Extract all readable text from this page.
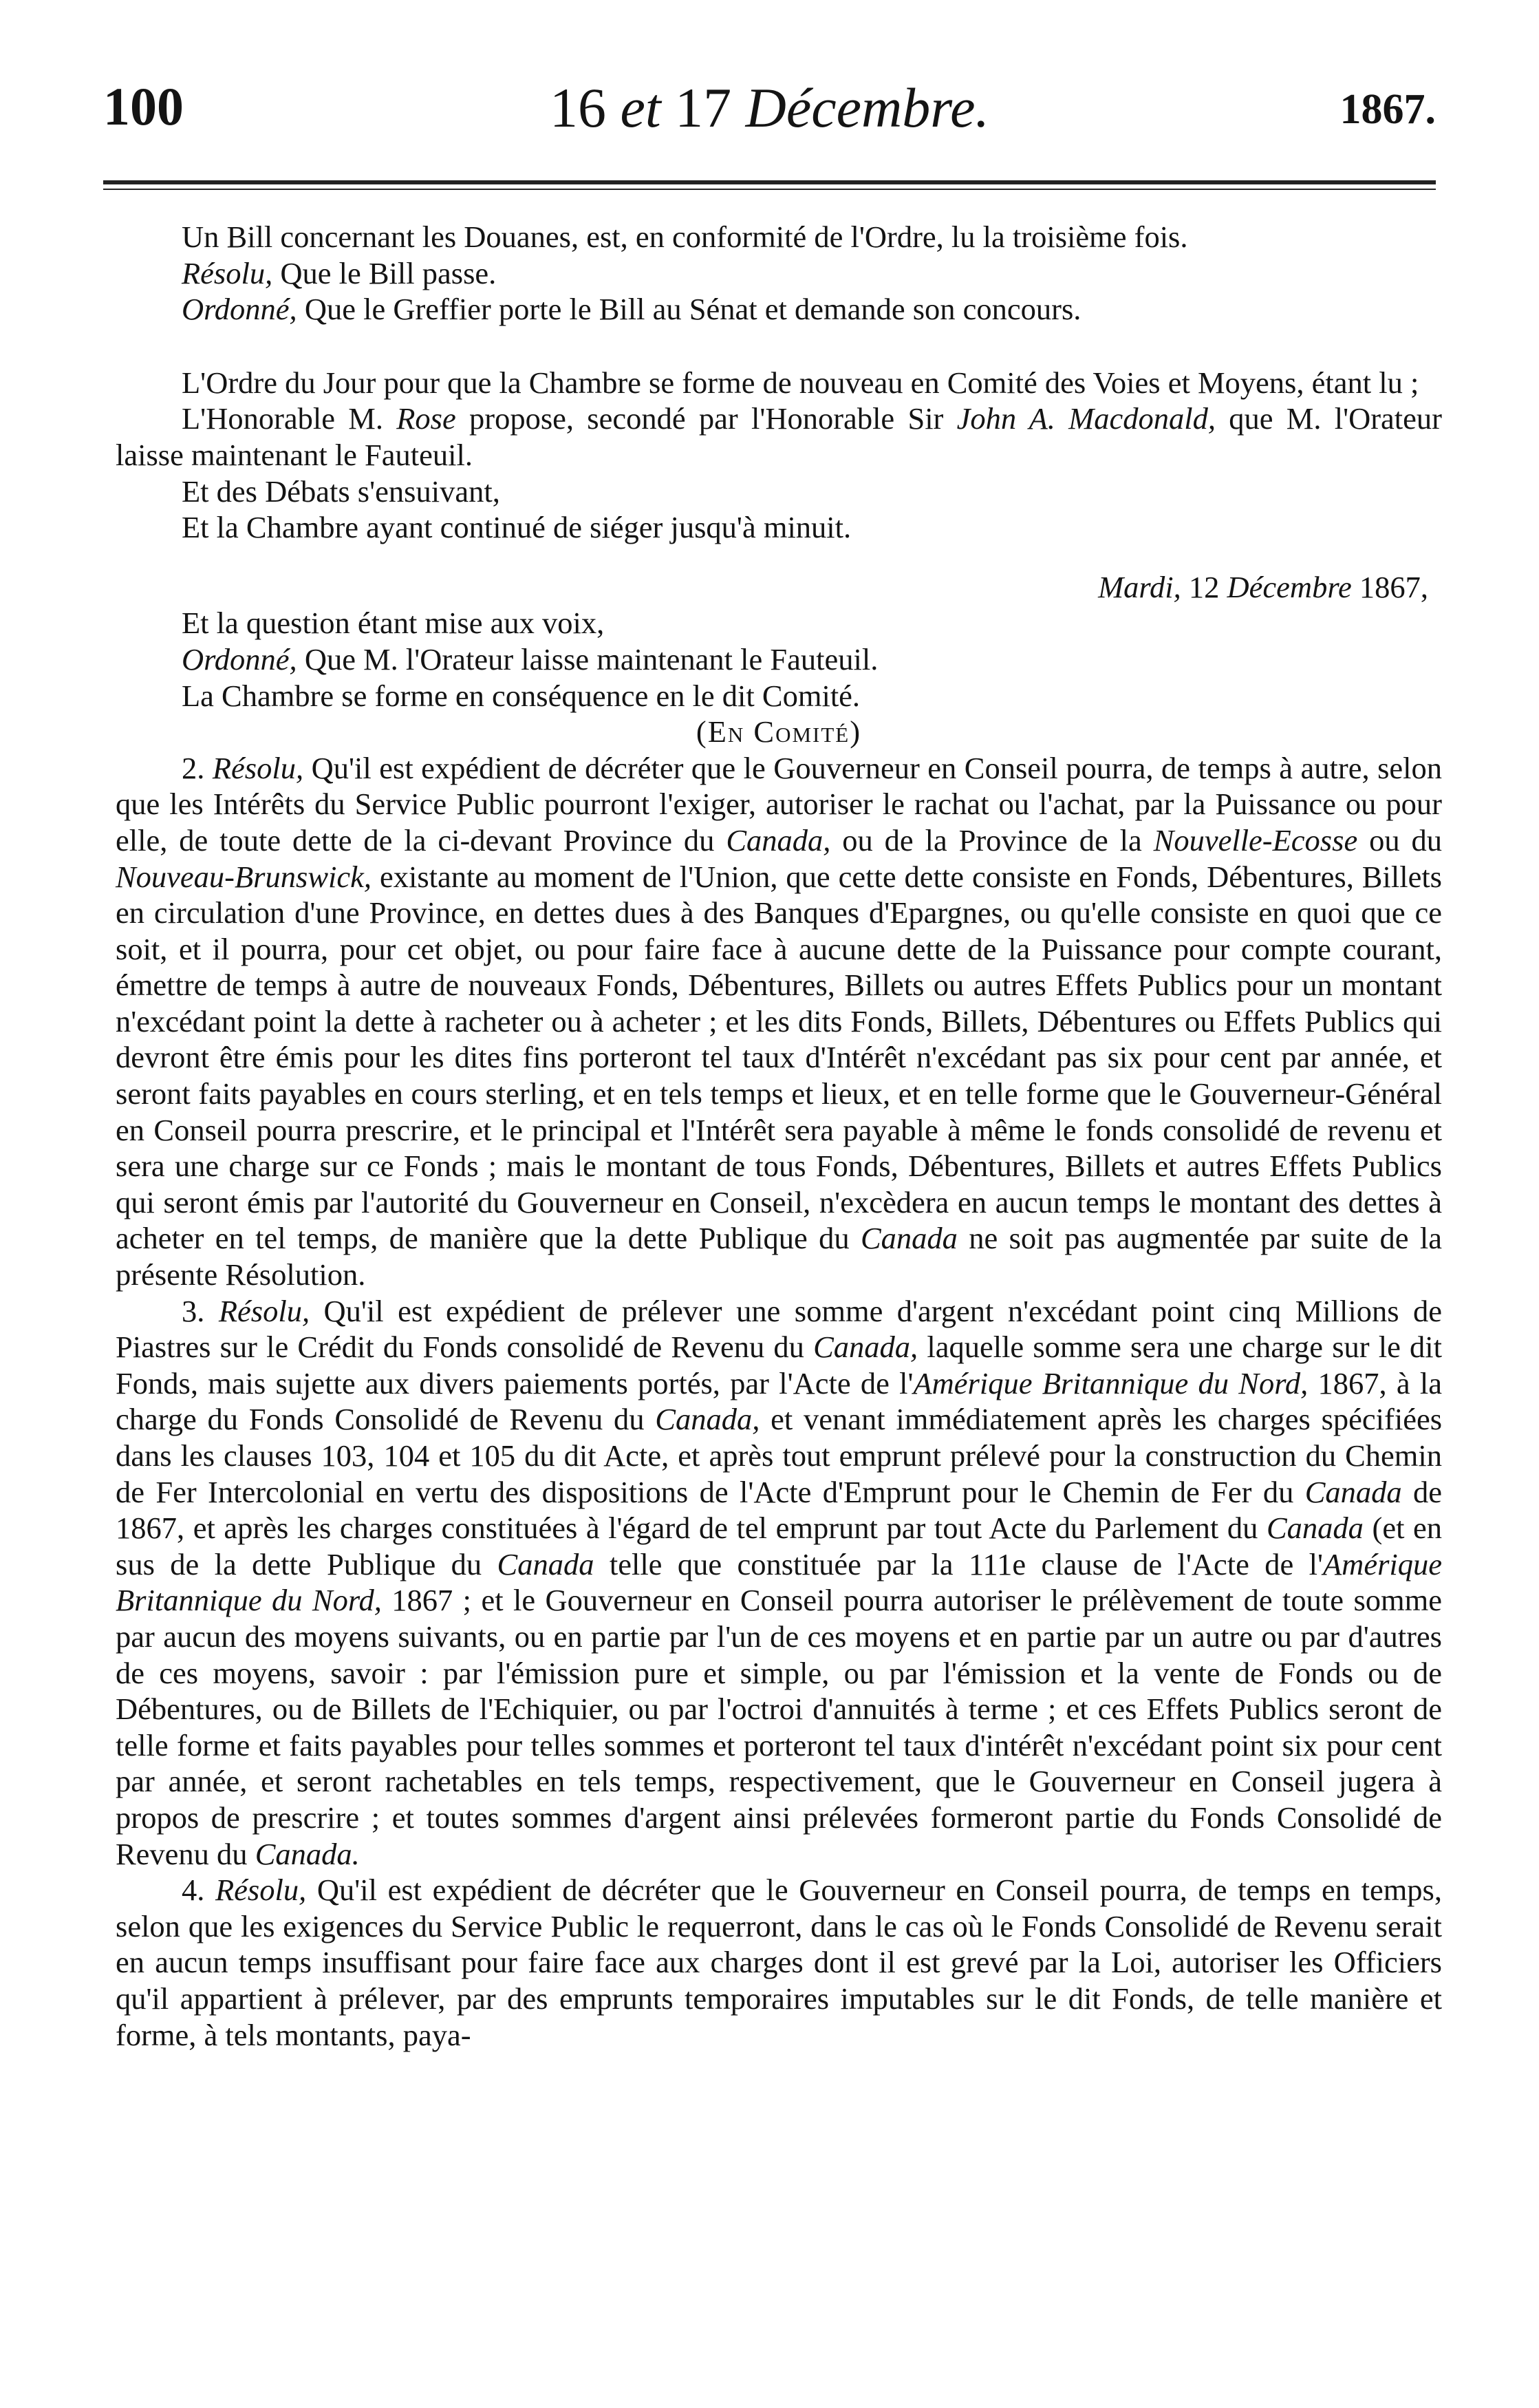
100	16 et 17 Décembre.	1867.

Un Bill concernant les Douanes, est, en conformité de l'Ordre, lu la troisième fois.

Résolu, Que le Bill passe.

Ordonné, Que le Greffier porte le Bill au Sénat et demande son concours.

L'Ordre du Jour pour que la Chambre se forme de nouveau en Comité des Voies et Moyens, étant lu ;

L'Honorable M. Rose propose, secondé par l'Honorable Sir John A. Macdonald, que M. l'Orateur laisse maintenant le Fauteuil.

Et des Débats s'ensuivant,

Et la Chambre ayant continué de siéger jusqu'à minuit.

Mardi, 12 Décembre 1867,

Et la question étant mise aux voix,

Ordonné, Que M. l'Orateur laisse maintenant le Fauteuil.

La Chambre se forme en conséquence en le dit Comité.

(En Comité)

2. Résolu, Qu'il est expédient de décréter que le Gouverneur en Conseil pourra, de temps à autre, selon que les Intérêts du Service Public pourront l'exiger, autoriser le rachat ou l'achat, par la Puissance ou pour elle, de toute dette de la ci-devant Province du Canada, ou de la Province de la Nouvelle-Ecosse ou du Nouveau-Brunswick, existante au moment de l'Union, que cette dette consiste en Fonds, Débentures, Billets en circulation d'une Province, en dettes dues à des Banques d'Epargnes, ou qu'elle consiste en quoi que ce soit, et il pourra, pour cet objet, ou pour faire face à aucune dette de la Puissance pour compte courant, émettre de temps à autre de nouveaux Fonds, Débentures, Billets ou autres Effets Publics pour un montant n'excédant point la dette à racheter ou à acheter ; et les dits Fonds, Billets, Débentures ou Effets Publics qui devront être émis pour les dites fins porteront tel taux d'Intérêt n'excédant pas six pour cent par année, et seront faits payables en cours sterling, et en tels temps et lieux, et en telle forme que le Gouverneur-Général en Conseil pourra prescrire, et le principal et l'Intérêt sera payable à même le fonds consolidé de revenu et sera une charge sur ce Fonds ; mais le montant de tous Fonds, Débentures, Billets et autres Effets Publics qui seront émis par l'autorité du Gouverneur en Conseil, n'excèdera en aucun temps le montant des dettes à acheter en tel temps, de manière que la dette Publique du Canada ne soit pas augmentée par suite de la présente Résolution.

3. Résolu, Qu'il est expédient de prélever une somme d'argent n'excédant point cinq Millions de Piastres sur le Crédit du Fonds consolidé de Revenu du Canada, laquelle somme sera une charge sur le dit Fonds, mais sujette aux divers paiements portés, par l'Acte de l'Amérique Britannique du Nord, 1867, à la charge du Fonds Consolidé de Revenu du Canada, et venant immédiatement après les charges spécifiées dans les clauses 103, 104 et 105 du dit Acte, et après tout emprunt prélevé pour la construction du Chemin de Fer Intercolonial en vertu des dispositions de l'Acte d'Emprunt pour le Chemin de Fer du Canada de 1867, et après les charges constituées à l'égard de tel emprunt par tout Acte du Parlement du Canada (et en sus de la dette Publique du Canada telle que constituée par la 111e clause de l'Acte de l'Amérique Britannique du Nord, 1867 ; et le Gouverneur en Conseil pourra autoriser le prélèvement de toute somme par aucun des moyens suivants, ou en partie par l'un de ces moyens et en partie par un autre ou par d'autres de ces moyens, savoir : par l'émission pure et simple, ou par l'émission et la vente de Fonds ou de Débentures, ou de Billets de l'Echiquier, ou par l'octroi d'annuités à terme ; et ces Effets Publics seront de telle forme et faits payables pour telles sommes et porteront tel taux d'intérêt n'excédant point six pour cent par année, et seront rachetables en tels temps, respectivement, que le Gouverneur en Conseil jugera à propos de prescrire ; et toutes sommes d'argent ainsi prélevées formeront partie du Fonds Consolidé de Revenu du Canada.

4. Résolu, Qu'il est expédient de décréter que le Gouverneur en Conseil pourra, de temps en temps, selon que les exigences du Service Public le requerront, dans le cas où le Fonds Consolidé de Revenu serait en aucun temps insuffisant pour faire face aux charges dont il est grevé par la Loi, autoriser les Officiers qu'il appartient à prélever, par des emprunts temporaires imputables sur le dit Fonds, de telle manière et forme, à tels montants, paya-
